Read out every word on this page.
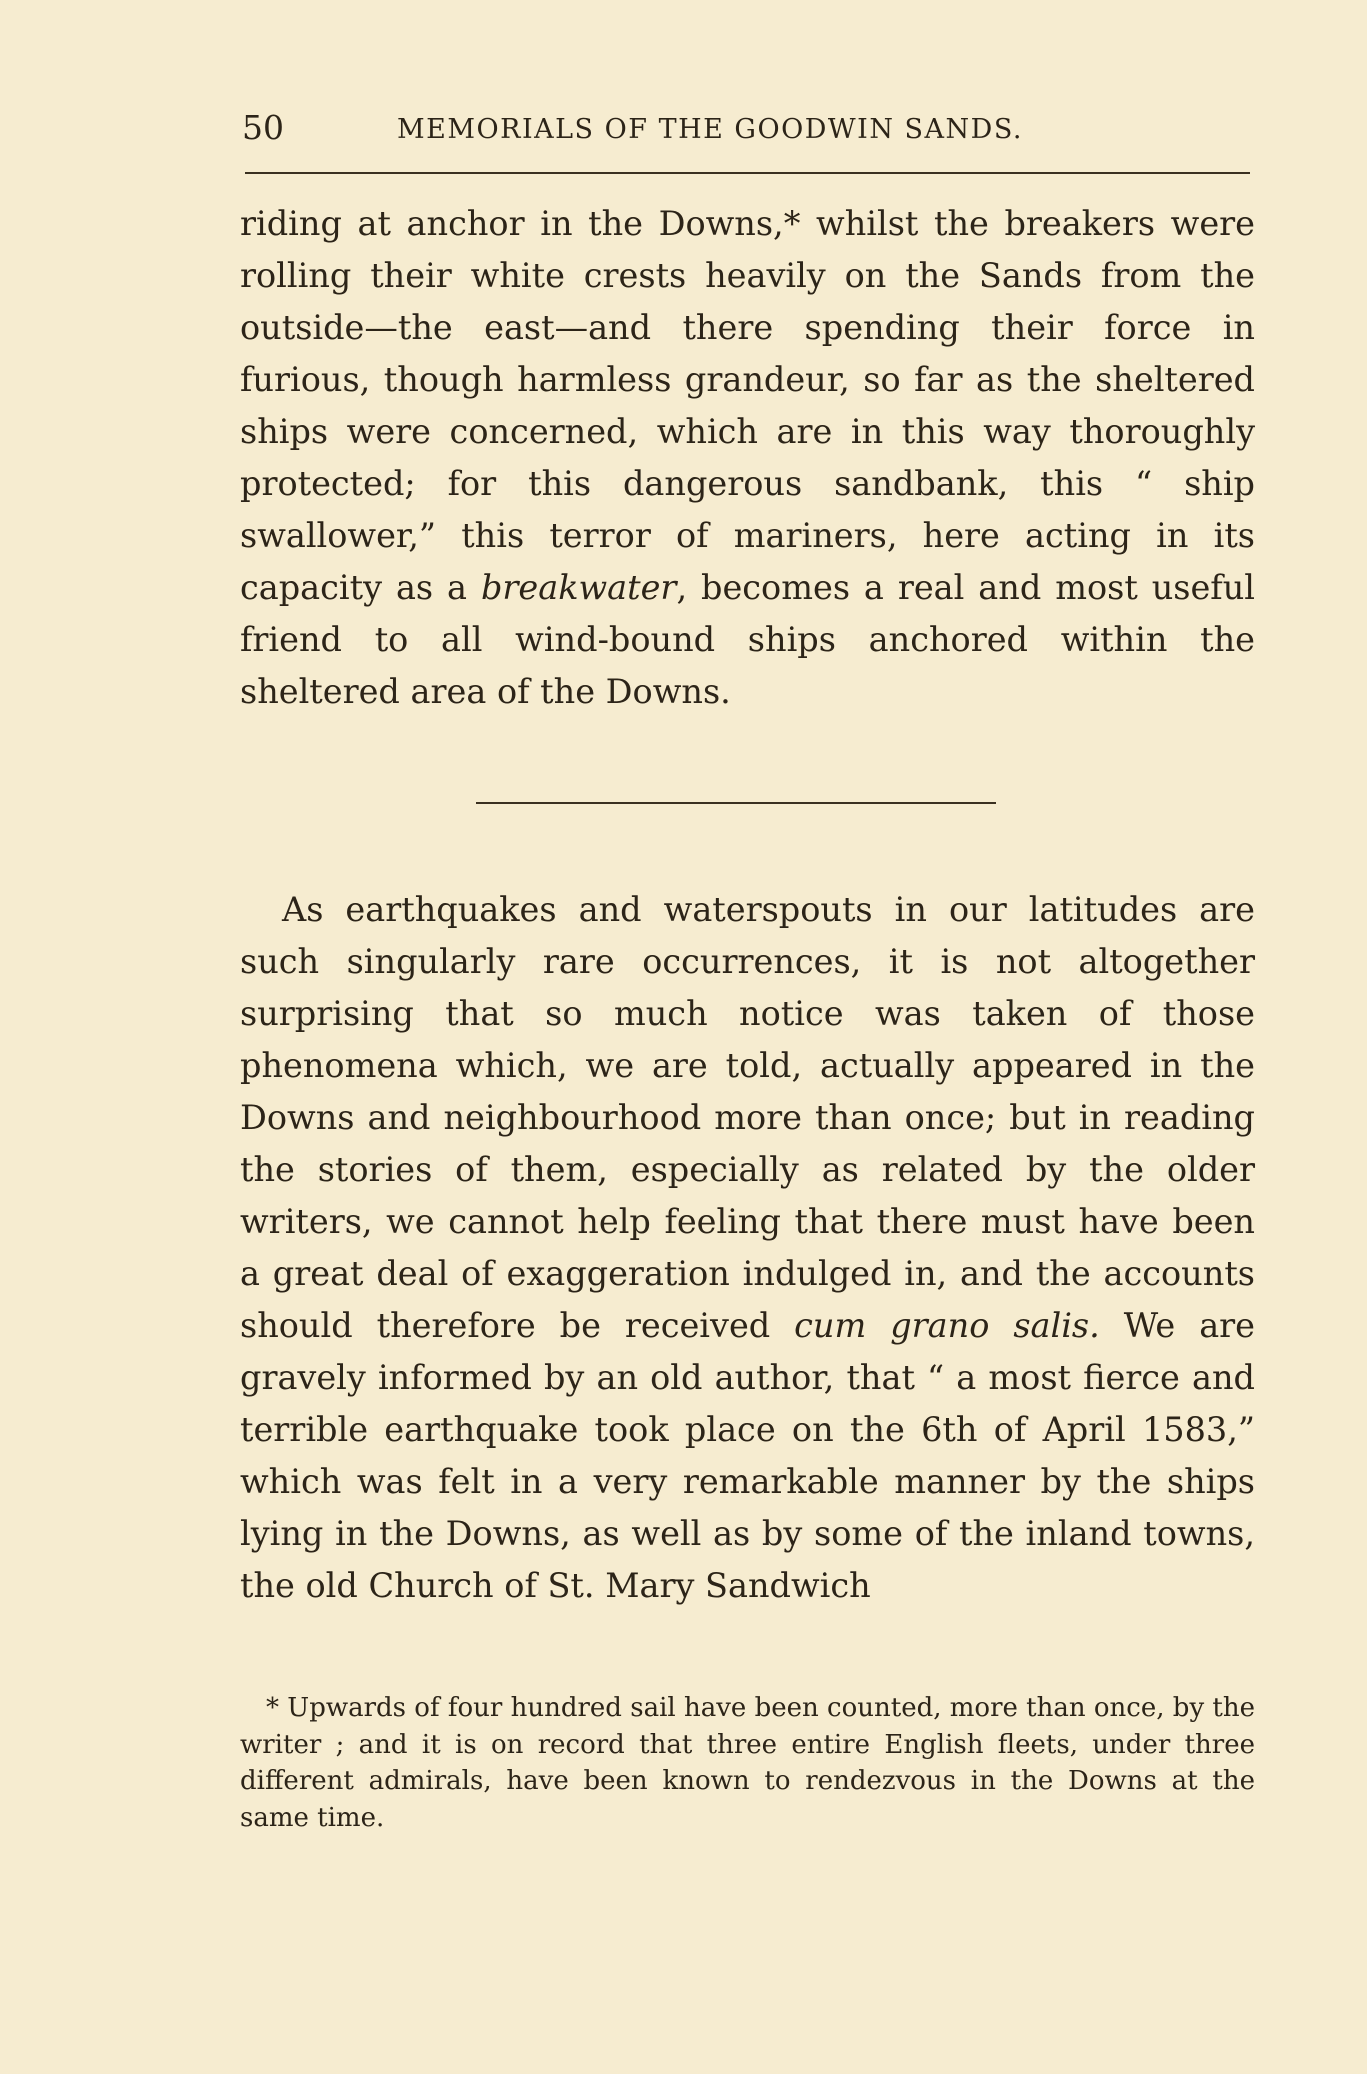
50	MEMORIALS OF THE GOODWIN SANDS.

riding at anchor in the Downs,* whilst the breakers were rolling their white crests heavily on the Sands from the outside—the east—and there spending their force in furious, though harmless grandeur, so far as the sheltered ships were concerned, which are in this way thoroughly protected; for this dangerous sandbank, this “ ship swallower,” this terror of mariners, here acting in its capacity as a breakwater, becomes a real and most useful friend to all wind-bound ships anchored within the sheltered area of the Downs.

As earthquakes and waterspouts in our latitudes are such singularly rare occurrences, it is not altogether surprising that so much notice was taken of those phenomena which, we are told, actually appeared in the Downs and neighbourhood more than once; but in reading the stories of them, especially as related by the older writers, we cannot help feeling that there must have been a great deal of exaggeration indulged in, and the accounts should therefore be received cum grano salis. We are gravely informed by an old author, that “ a most fierce and terrible earthquake took place on the 6th of April 1583,” which was felt in a very remarkable manner by the ships lying in the Downs, as well as by some of the inland towns, the old Church of St. Mary Sandwich

* Upwards of four hundred sail have been counted, more than once, by the writer ; and it is on record that three entire English fleets, under three different admirals, have been known to rendezvous in the Downs at the same time.
